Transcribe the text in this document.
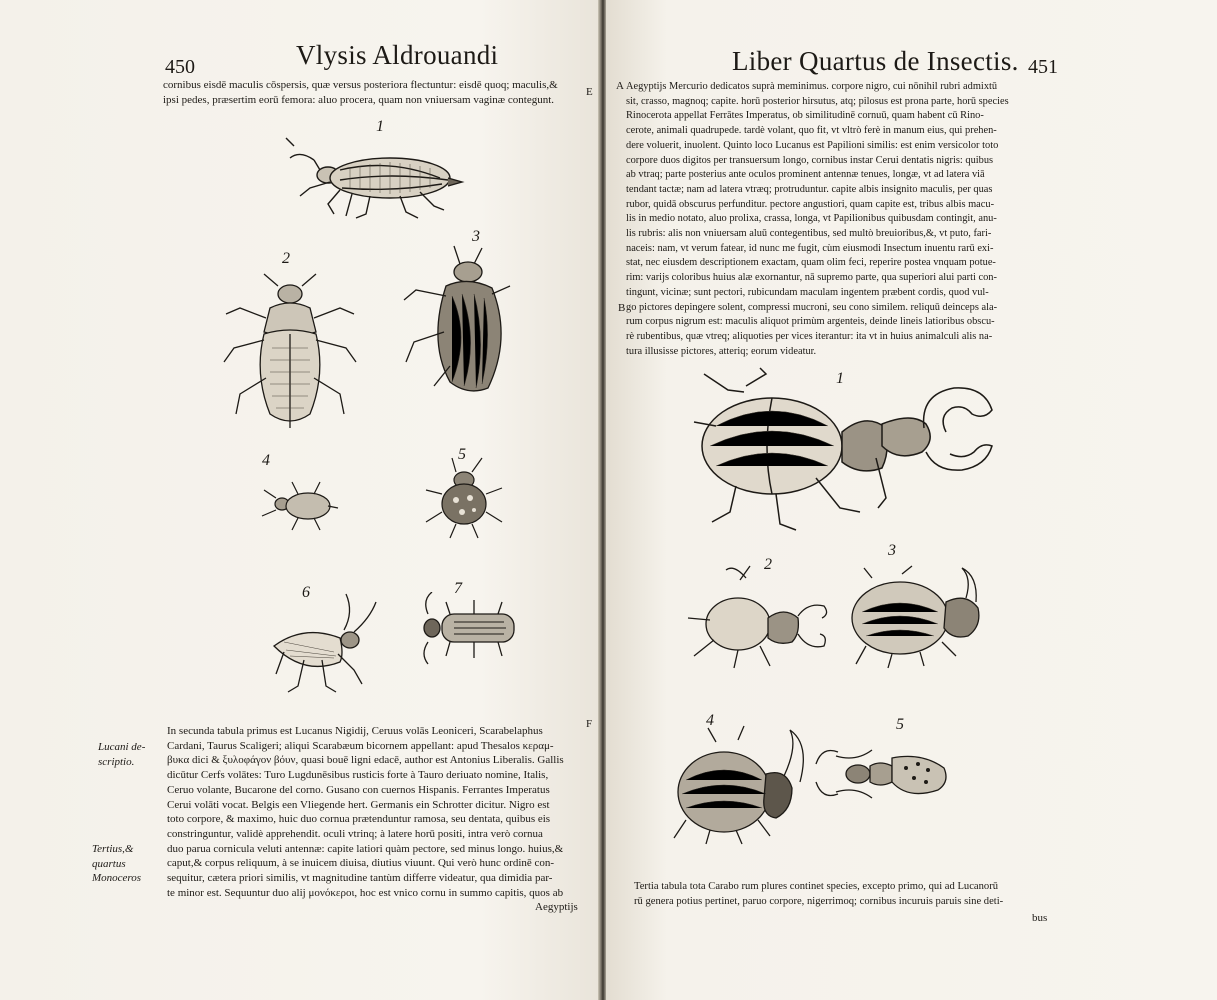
450	Vlysis Aldrouandi
cornibus eisdē maculis cōspersis, quæ versus posteriora flectuntur: eisdē quoq; maculis,&
ipsi pedes, præsertim eorū femora: aluo procera, quam non vniuersam vaginæ contegunt.
E
1
2
3
4	5
6	7
In secunda tabula primus est Lucanus Nigidij, Ceruus volās Leoniceri, Scarabelaphus
Cardani, Taurus Scaligeri; aliqui Scarabæum bicornem appellant: apud Thesalos κεραμ-
βυκα dici & ξυλοφάγον βόυν, quasi bouē ligni edacē, author est Antonius Liberalis. Gallis
dicūtur Cerfs volātes: Turo Lugdunēsibus rusticis forte à Tauro deriuato nomine, Italis,
Ceruo volante, Bucarone del corno. Gusano con cuernos Hispanis. Ferrantes Imperatus
Cerui volāti vocat. Belgis een Vliegende hert. Germanis ein Schrotter dicitur. Nigro est
toto corpore, & maximo, huic duo cornua prætenduntur ramosa, seu dentata, quibus eis
constringuntur, validè apprehendit. oculi vtrinq; à latere horū positi, intra verò cornua
duo parua cornicula veluti antennæ: capite latiori quàm pectore, sed minus longo. huius,&
caput,& corpus reliquum, à se inuicem diuisa, diutius viuunt. Qui verò hunc ordinē con-
sequitur, cætera priori similis, vt magnitudine tantùm differre videatur, qua dimidia par-
te minor est. Sequuntur duo alij μονόκεροι, hoc est vnico cornu in summo capitis, quos ab
Aegyptijs
F
Lucani de-
scriptio.
Tertius,&
quartus
Monoceros
Liber Quartus de Insectis. 451
A Aegyptijs Mercurio dedicatos suprà meminimus. corpore nigro, cui nōnihil rubri admixtū
sit, crasso, magnoq; capite. horū posterior hirsutus, atq; pilosus est prona parte, horū species
Rinocerota appellat Ferrātes Imperatus, ob similitudinē cornuū, quam habent cū Rino-
cerote, animali quadrupede. tardè volant, quo fit, vt vltrò ferè in manum eius, qui prehen-
dere voluerit, inuolent. Quinto loco Lucanus est Papilioni similis: est enim versicolor toto
corpore duos digitos per transuersum longo, cornibus instar Cerui dentatis nigris: quibus
ab vtraq; parte posterius ante oculos prominent antennæ tenues, longæ, vt ad latera viā
tendant tactæ; nam ad latera vtræq; protruduntur. capite albis insignito maculis, per quas
rubor, quidā obscurus perfunditur. pectore angustiori, quam capite est, tribus albis macu-
lis in medio notato, aluo prolixa, crassa, longa, vt Papilionibus quibusdam contingit, anu-
lis rubris: alis non vniuersam aluū contegentibus, sed multò breuioribus,&, vt puto, fari-
naceis: nam, vt verum fatear, id nunc me fugit, cùm eiusmodi Insectum inuentu rarū exi-
stat, nec eiusdem descriptionem exactam, quam olim feci, reperire postea vnquam potue-
rim: varijs coloribus huius alæ exornantur, nā supremo parte, qua superiori alui parti con-
tingunt, vicinæ; sunt pectori, rubicundam maculam ingentem præbent cordis, quod vul-
go pictores depingere solent, compressi mucroni, seu cono similem. reliquū deinceps ala-
rum corpus nigrum est: maculis aliquot primùm argenteis, deinde lineis latioribus obscu-
rè rubentibus, quæ vtreq; aliquoties per vices iterantur: ita vt in huius animalculi alis na-
tura illusisse pictores, atteriq; eorum videatur.
B
1
2
3
4	5
Tertia tabula tota Carabo rum plures continet species, excepto primo, qui ad Lucanorū
rū genera potius pertinet, paruo corpore, nigerrimoq; cornibus incuruis paruis sine deti-
bus
